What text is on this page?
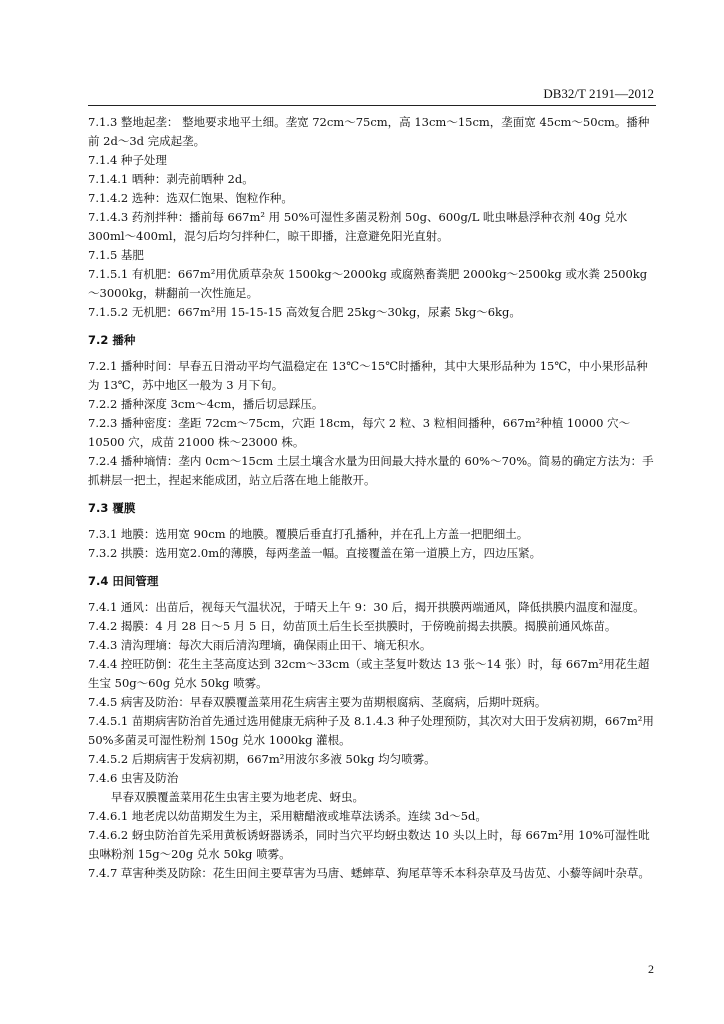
DB32/T 2191—2012
7.1.3 整地起垄： 整地要求地平土细。垄宽 72cm～75cm，高 13cm～15cm，垄面宽 45cm～50cm。播种前 2d～3d 完成起垄。
7.1.4 种子处理
7.1.4.1 晒种：剥壳前晒种 2d。
7.1.4.2 选种：选双仁饱果、饱粒作种。
7.1.4.3 药剂拌种：播前每 667m² 用 50%可湿性多菌灵粉剂 50g、600g/L 吡虫啉悬浮种衣剂 40g 兑水 300ml～400ml，混匀后均匀拌种仁，晾干即播，注意避免阳光直射。
7.1.5 基肥
7.1.5.1 有机肥：667m²用优质草杂灰 1500kg～2000kg 或腐熟畜粪肥 2000kg～2500kg 或水粪 2500kg～3000kg，耕翻前一次性施足。
7.1.5.2 无机肥：667m²用 15-15-15 高效复合肥 25kg～30kg，尿素 5kg～6kg。
7.2 播种
7.2.1 播种时间：早春五日滑动平均气温稳定在 13℃～15℃时播种，其中大果形品种为 15℃，中小果形品种为 13℃，苏中地区一般为 3 月下旬。
7.2.2 播种深度 3cm～4cm，播后切忌踩压。
7.2.3 播种密度：垄距 72cm～75cm，穴距 18cm，每穴 2 粒、3 粒相间播种，667m²种植 10000 穴～10500 穴，成苗 21000 株～23000 株。
7.2.4 播种墒情：垄内 0cm～15cm 土层土壤含水量为田间最大持水量的 60%～70%。简易的确定方法为：手抓耕层一把土，捏起来能成团，站立后落在地上能散开。
7.3 覆膜
7.3.1 地膜：选用宽 90cm 的地膜。覆膜后垂直打孔播种，并在孔上方盖一把肥细土。
7.3.2 拱膜：选用宽2.0m的薄膜，每两垄盖一幅。直接覆盖在第一道膜上方，四边压紧。
7.4 田间管理
7.4.1 通风：出苗后，视每天气温状况，于晴天上午 9：30 后，揭开拱膜两端通风，降低拱膜内温度和湿度。
7.4.2 揭膜：4 月 28 日～5 月 5 日，幼苗顶土后生长至拱膜时，于傍晚前揭去拱膜。揭膜前通风炼苗。
7.4.3 清沟理墒：每次大雨后清沟理墒，确保雨止田干、墒无积水。
7.4.4 控旺防倒：花生主茎高度达到 32cm～33cm（或主茎复叶数达 13 张～14 张）时，每 667m²用花生超生宝 50g～60g 兑水 50kg 喷雾。
7.4.5 病害及防治：早春双膜覆盖菜用花生病害主要为苗期根腐病、茎腐病，后期叶斑病。
7.4.5.1 苗期病害防治首先通过选用健康无病种子及 8.1.4.3 种子处理预防，其次对大田于发病初期，667m²用 50%多菌灵可湿性粉剂 150g 兑水 1000kg 灌根。
7.4.5.2 后期病害于发病初期，667m²用波尔多液 50kg 均匀喷雾。
7.4.6 虫害及防治
早春双膜覆盖菜用花生虫害主要为地老虎、蚜虫。
7.4.6.1 地老虎以幼苗期发生为主，采用糖醋液或堆草法诱杀。连续 3d～5d。
7.4.6.2 蚜虫防治首先采用黄板诱蚜器诱杀，同时当穴平均蚜虫数达 10 头以上时，每 667m²用 10%可湿性吡虫啉粉剂 15g～20g 兑水 50kg 喷雾。
7.4.7 草害种类及防除：花生田间主要草害为马唐、蟋蟀草、狗尾草等禾本科杂草及马齿苋、小藜等阔叶杂草。
2
